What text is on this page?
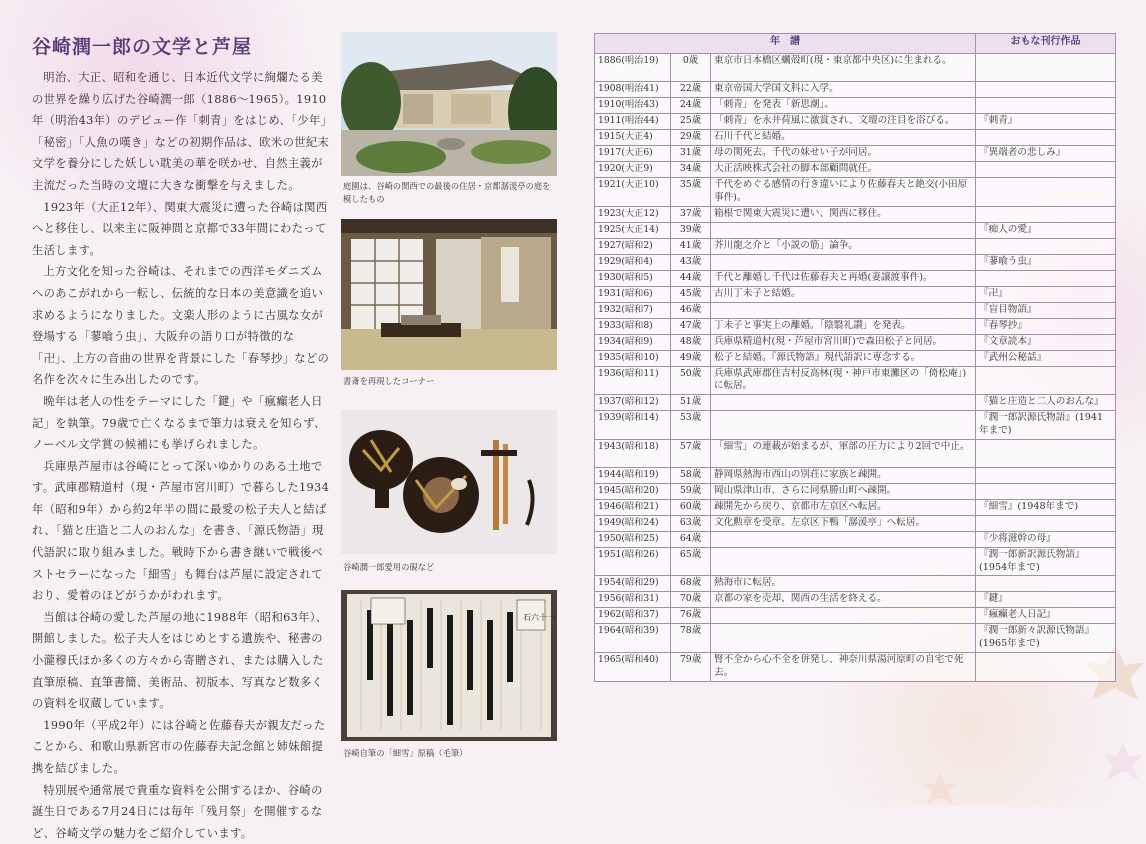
谷崎潤一郎の文学と芦屋

明治、大正、昭和を通じ、日本近代文学に絢爛たる美の世界を繰り広げた谷崎潤一郎（1886〜1965）。1910年（明治43年）のデビュー作「刺青」をはじめ、「少年」「秘密」「人魚の嘆き」などの初期作品は、欧米の世紀末文学を養分にした妖しい耽美の華を咲かせ、自然主義が主流だった当時の文壇に大きな衝撃を与えました。

1923年（大正12年）、関東大震災に遭った谷崎は関西へと移住し、以来主に阪神間と京都で33年間にわたって生活します。

上方文化を知った谷崎は、それまでの西洋モダニズムへのあこがれから一転し、伝統的な日本の美意識を追い求めるようになりました。文楽人形のように古風な女が登場する「蓼喰う虫」、大阪弁の語り口が特徴的な「卍」、上方の音曲の世界を背景にした「春琴抄」などの名作を次々に生み出したのです。

晩年は老人の性をテーマにした「鍵」や「瘋癲老人日記」を執筆。79歳で亡くなるまで筆力は衰えを知らず、ノーベル文学賞の候補にも挙げられました。

兵庫県芦屋市は谷崎にとって深いゆかりのある土地です。武庫郡精道村（現・芦屋市宮川町）で暮らした1934年（昭和9年）から約2年半の間に最愛の松子夫人と結ばれ、「猫と庄造と二人のおんな」を書き、「源氏物語」現代語訳に取り組みました。戦時下から書き継いで戦後ベストセラーになった「細雪」も舞台は芦屋に設定されており、愛着のほどがうかがわれます。

当館は谷崎の愛した芦屋の地に1988年（昭和63年）、開館しました。松子夫人をはじめとする遺族や、秘書の小瀧穆氏ほか多くの方々から寄贈され、または購入した直筆原稿、直筆書簡、美術品、初版本、写真など数多くの資料を収蔵しています。

1990年（平成2年）には谷崎と佐藤春夫が親友だったことから、和歌山県新宮市の佐藤春夫記念館と姉妹館提携を結びました。

特別展や通常展で貴重な資料を公開するほか、谷崎の誕生日である7月24日には毎年「残月祭」を開催するなど、谷崎文学の魅力をご紹介しています。

庭園は、谷崎の関西での最後の住居・京都潺湲亭の庭を模したもの
書斎を再現したコーナー
谷崎潤一郎愛用の硯など
石六十一
谷崎自筆の「細雪」原稿（毛筆）
年　譜			おもな刊行作品
1886(明治19)	0歳	東京市日本橋区蠣殻町(現・東京都中央区)に生まれる。	
1908(明治41)	22歳	東京帝国大学国文科に入学。	
1910(明治43)	24歳	「刺青」を発表「新思潮」。	
1911(明治44)	25歳	「刺青」を永井荷風に激賞され、文壇の注目を浴びる。	『刺青』
1915(大正4)	29歳	石川千代と結婚。	
1917(大正6)	31歳	母の関死去。千代の妹せい子が同居。	『異端者の悲しみ』
1920(大正9)	34歳	大正活映株式会社の脚本部顧問就任。	
1921(大正10)	35歳	千代をめぐる感情の行き違いにより佐藤春夫と絶交(小田原事件)。	
1923(大正12)	37歳	箱根で関東大震災に遭い、関西に移住。	
1925(大正14)	39歳		『痴人の愛』
1927(昭和2)	41歳	芥川龍之介と「小説の筋」論争。	
1929(昭和4)	43歳		『蓼喰う虫』
1930(昭和5)	44歳	千代と離婚し千代は佐藤春夫と再婚(妻譲渡事件)。	
1931(昭和6)	45歳	古川丁未子と結婚。	『卍』
1932(昭和7)	46歳		『盲目物語』
1933(昭和8)	47歳	丁未子と事実上の離婚。「陰翳礼讃」を発表。	『春琴抄』
1934(昭和9)	48歳	兵庫県精道村(現・芦屋市宮川町)で森田松子と同居。	『文章読本』
1935(昭和10)	49歳	松子と結婚。『源氏物語』現代語訳に専念する。	『武州公秘話』
1936(昭和11)	50歳	兵庫県武庫郡住吉村反高林(現・神戸市東灘区の「倚松庵」)に転居。	
1937(昭和12)	51歳		『猫と庄造と二人のおんな』
1939(昭和14)	53歳		『潤一郎訳源氏物語』(1941年まで)
1943(昭和18)	57歳	「細雪」の連載が始まるが、軍部の圧力により2回で中止。	
1944(昭和19)	58歳	静岡県熱海市西山の別荘に家族と疎開。	
1945(昭和20)	59歳	岡山県津山市、さらに同県勝山町へ疎開。	
1946(昭和21)	60歳	疎開先から戻り、京都市左京区へ転居。	『細雪』(1948年まで)
1949(昭和24)	63歳	文化勲章を受章。左京区下鴨「潺湲亭」へ転居。	
1950(昭和25)	64歳		『少将滋幹の母』
1951(昭和26)	65歳		『潤一郎新訳源氏物語』(1954年まで)
1954(昭和29)	68歳	熱海市に転居。	
1956(昭和31)	70歳	京都の家を売却、関西の生活を終える。	『鍵』
1962(昭和37)	76歳		『瘋癲老人日記』
1964(昭和39)	78歳		『潤一郎新々訳源氏物語』(1965年まで)
1965(昭和40)	79歳	腎不全から心不全を併発し、神奈川県湯河原町の自宅で死去。	
